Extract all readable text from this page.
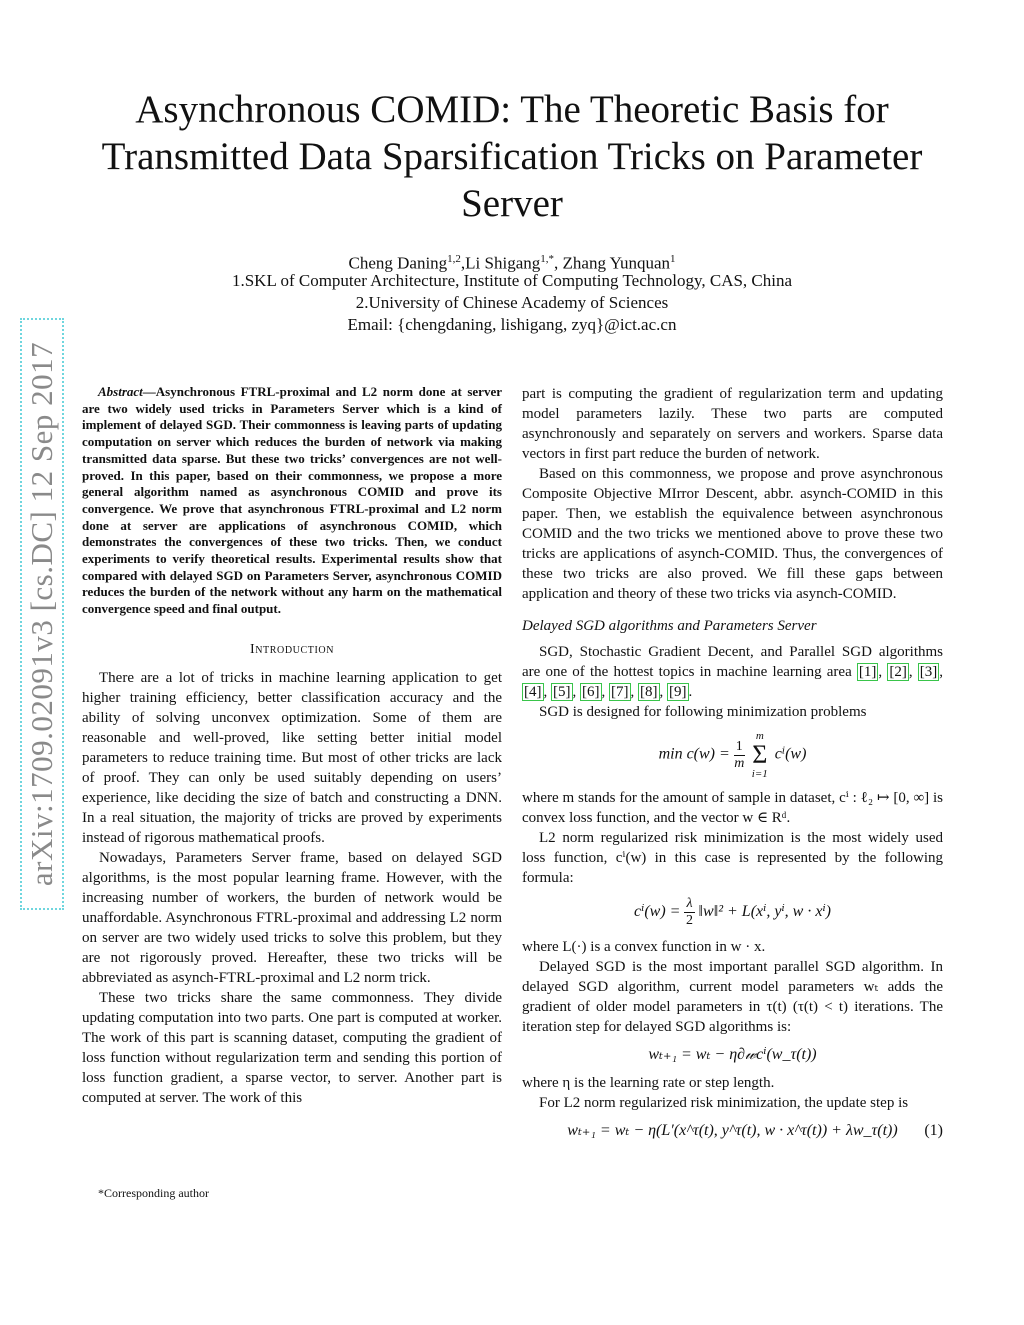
arXiv:1709.02091v3 [cs.DC] 12 Sep 2017
Asynchronous COMID: The Theoretic Basis for Transmitted Data Sparsification Tricks on Parameter Server
Cheng Daning$^{1,2}$,Li Shigang$^{1,*}$, Zhang Yunquan$^1$
1.SKL of Computer Architecture, Institute of Computing Technology, CAS, China
2.University of Chinese Academy of Sciences
Email: {chengdaning, lishigang, zyq}@ict.ac.cn

Abstract—Asynchronous FTRL-proximal and L2 norm done at server are two widely used tricks in Parameters Server which is a kind of implement of delayed SGD. Their commonness is leaving parts of updating computation on server which reduces the burden of network via making transmitted data sparse. But these two tricks’ convergences are not well-proved. In this paper, based on their commonness, we propose a more general algorithm named as asynchronous COMID and prove its convergence. We prove that asynchronous FTRL-proximal and L2 norm done at server are applications of asynchronous COMID, which demonstrates the convergences of these two tricks. Then, we conduct experiments to verify theoretical results. Experimental results show that compared with delayed SGD on Parameters Server, asynchronous COMID reduces the burden of the network without any harm on the mathematical convergence speed and final output.

Introduction

There are a lot of tricks in machine learning application to get higher training efficiency, better classification accuracy and the ability of solving unconvex optimization. Some of them are reasonable and well-proved, like setting better initial model parameters to reduce training time. But most of other tricks are lack of proof. They can only be used suitably depending on users’ experience, like deciding the size of batch and constructing a DNN. In a real situation, the majority of tricks are proved by experiments instead of rigorous mathematical proofs.

Nowadays, Parameters Server frame, based on delayed SGD algorithms, is the most popular learning frame. However, with the increasing number of workers, the burden of network would be unaffordable. Asynchronous FTRL-proximal and addressing L2 norm on server are two widely used tricks to solve this problem, but they are not rigorously proved. Hereafter, these two tricks will be abbreviated as asynch-FTRL-proximal and L2 norm trick.

These two tricks share the same commonness. They divide updating computation into two parts. One part is computed at worker. The work of this part is scanning dataset, computing the gradient of loss function without regularization term and sending this portion of loss function gradient, a sparse vector, to server. Another part is computed at server. The work of this

*Corresponding author

part is computing the gradient of regularization term and updating model parameters lazily. These two parts are computed asynchronously and separately on servers and workers. Sparse data vectors in first part reduce the burden of network.

Based on this commonness, we propose and prove asynchronous Composite Objective MIrror Descent, abbr. asynch-COMID in this paper. Then, we establish the equivalence between asynchronous COMID and the two tricks we mentioned above to prove these two tricks are applications of asynch-COMID. Thus, the convergences of these two tricks are also proved. We fill these gaps between application and theory of these two tricks via asynch-COMID.

Delayed SGD algorithms and Parameters Server

SGD, Stochastic Gradient Decent, and Parallel SGD algorithms are one of the hottest topics in machine learning area [1] , [2] , [3] , [4] , [5] , [6] , [7] , [8] , [9] .

SGD is designed for following minimization problems

$\min c(w) = \frac{1}{m}$

m
Σ
i=1
cⁱ(w)

where m stands for the amount of sample in dataset, cⁱ : ℓ₂ ↦ [0, ∞] is convex loss function, and the vector w ∈ Rᵈ.

L2 norm regularized risk minimization is the most widely used loss function, cⁱ(w) in this case is represented by the following formula:

$c^i(w) = \frac{\lambda}{2}$ ‖w‖² + L(xⁱ, yⁱ, w · xⁱ)

where L(·) is a convex function in w · x.

Delayed SGD is the most important parallel SGD algorithm. In delayed SGD algorithm, current model parameters wₜ adds the gradient of older model parameters in τ(t) (τ(t) < t) iterations. The iteration step for delayed SGD algorithms is:

wₜ₊₁ = wₜ − η∂𝓌cⁱ(w_τ(t))

where η is the learning rate or step length.

For L2 norm regularized risk minimization, the update step is

wₜ₊₁ = wₜ − η(L′(x^τ(t), y^τ(t), w · x^τ(t)) + λw_τ(t)) (1)
